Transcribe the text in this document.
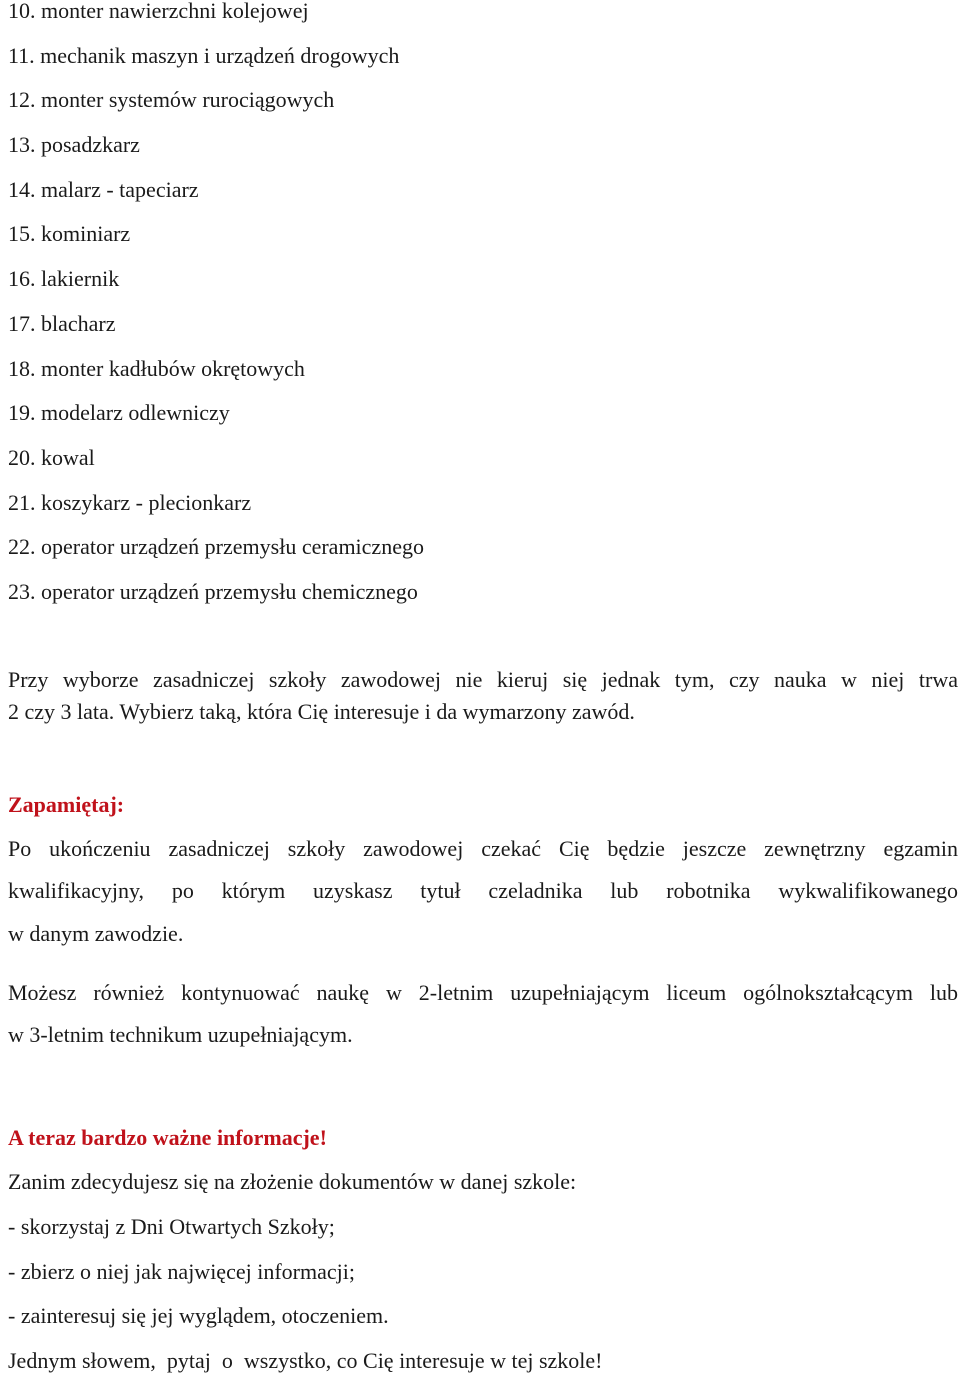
10. monter nawierzchni kolejowej
11. mechanik maszyn i urządzeń drogowych
12. monter systemów rurociągowych
13. posadzkarz
14. malarz - tapeciarz
15. kominiarz
16. lakiernik
17. blacharz
18. monter kadłubów okrętowych
19. modelarz odlewniczy
20. kowal
21. koszykarz - plecionkarz
22. operator urządzeń przemysłu ceramicznego
23. operator urządzeń przemysłu chemicznego
Przy wyborze zasadniczej szkoły zawodowej nie kieruj się jednak tym, czy nauka w niej trwa
2 czy 3 lata. Wybierz taką, która Cię interesuje i da wymarzony zawód.
Zapamiętaj:
Po ukończeniu zasadniczej szkoły zawodowej czekać Cię będzie jeszcze zewnętrzny egzamin
kwalifikacyjny, po którym uzyskasz tytuł czeladnika lub robotnika wykwalifikowanego
w danym zawodzie.
Możesz również kontynuować naukę w 2-letnim uzupełniającym liceum ogólnokształcącym lub
w 3-letnim technikum uzupełniającym.
A teraz bardzo ważne informacje!
Zanim zdecydujesz się na złożenie dokumentów w danej szkole:
- skorzystaj z Dni Otwartych Szkoły;
- zbierz o niej jak najwięcej informacji;
- zainteresuj się jej wyglądem, otoczeniem.
Jednym słowem,  pytaj  o  wszystko, co Cię interesuje w tej szkole!
